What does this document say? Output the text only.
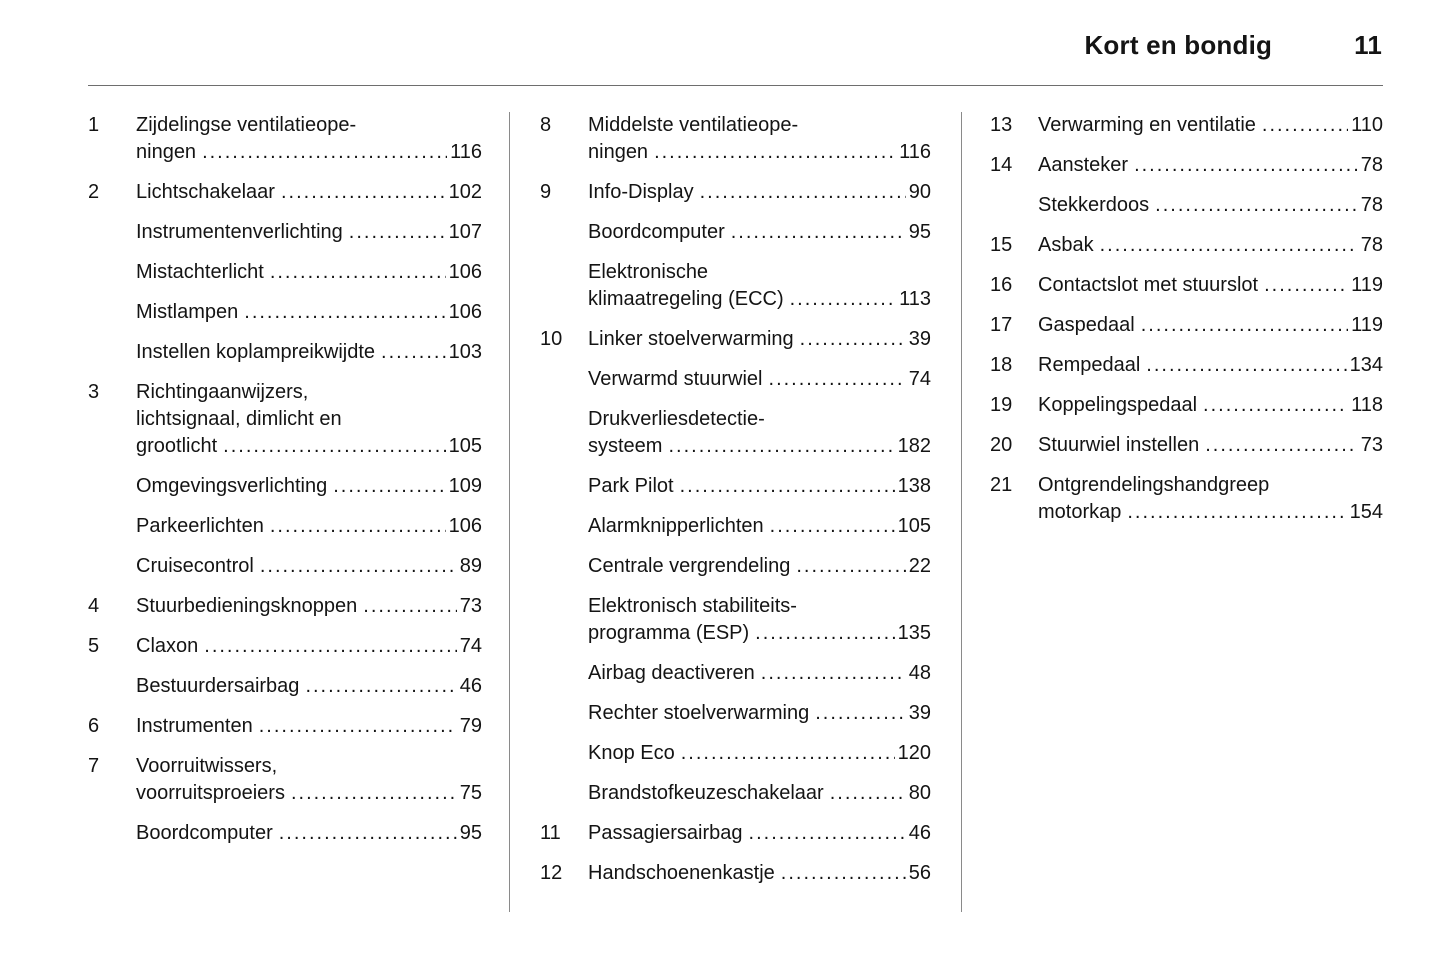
Kort en bondig	11
1	Zijdelingse ventilatieope-
ningen .....	116
2	Lichtschakelaar .....	102
Instrumentenverlichting .....	107
Mistachterlicht .....	106
Mistlampen .....	106
Instellen koplampreikwijdte .....	103
3	Richtingaanwijzers,
lichtsignaal, dimlicht en
grootlicht .....	105
Omgevingsverlichting .....	109
Parkeerlichten .....	106
Cruisecontrol .....	89
4	Stuurbedieningsknoppen .....	73
5	Claxon .....	74
Bestuurdersairbag .....	46
6	Instrumenten .....	79
7	Voorruitwissers,
voorruitsproeiers .....	75
Boordcomputer .....	95
8	Middelste ventilatieope-
ningen .....	116
9	Info-Display .....	90
Boordcomputer .....	95
Elektronische
klimaatregeling (ECC) .....	113
10	Linker stoelverwarming .....	39
Verwarmd stuurwiel .....	74
Drukverliesdetectie-
systeem .....	182
Park Pilot .....	138
Alarmknipperlichten .....	105
Centrale vergrendeling .....	22
Elektronisch stabiliteits-
programma (ESP) .....	135
Airbag deactiveren .....	48
Rechter stoelverwarming .....	39
Knop Eco .....	120
Brandstofkeuzeschakelaar .....	80
11	Passagiersairbag .....	46
12	Handschoenenkastje .....	56
13	Verwarming en ventilatie .....	110
14	Aansteker .....	78
Stekkerdoos .....	78
15	Asbak .....	78
16	Contactslot met stuurslot .....	119
17	Gaspedaal .....	119
18	Rempedaal .....	134
19	Koppelingspedaal .....	118
20	Stuurwiel instellen .....	73
21	Ontgrendelingshandgreep
motorkap .....	154
